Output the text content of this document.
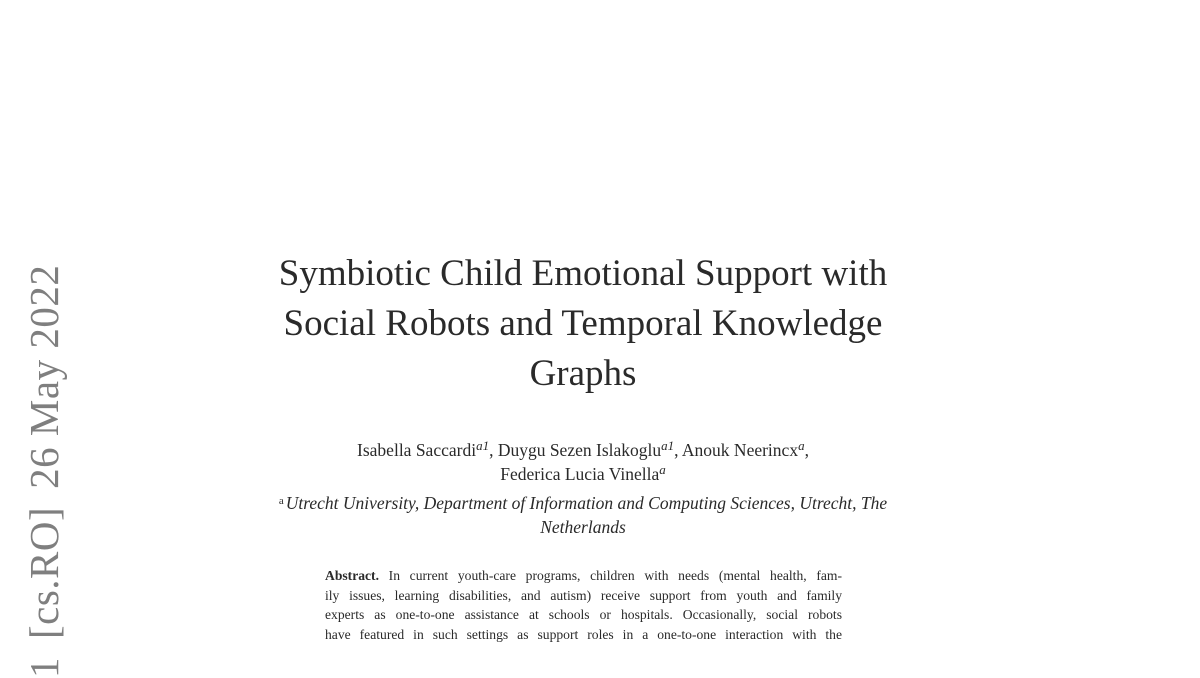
1[cs.RO]26 May 2022	Symbiotic Child Emotional Support with
Social Robots and Temporal Knowledge
Graphs
Isabella Saccardi$^{a1}$, Duygu Sezen Islakoglu$^{a1}$, Anouk Neerincx$^a$,
Federica Lucia Vinella$^a$
$^a$ Utrecht University, Department of Information and Computing Sciences, Utrecht, The
Netherlands
Abstract. In current youth-care programs, children with needs (mental health, fam-
ily issues, learning disabilities, and autism) receive support from youth and family
experts as one-to-one assistance at schools or hospitals. Occasionally, social robots
have featured in such settings as support roles in a one-to-one interaction with the
